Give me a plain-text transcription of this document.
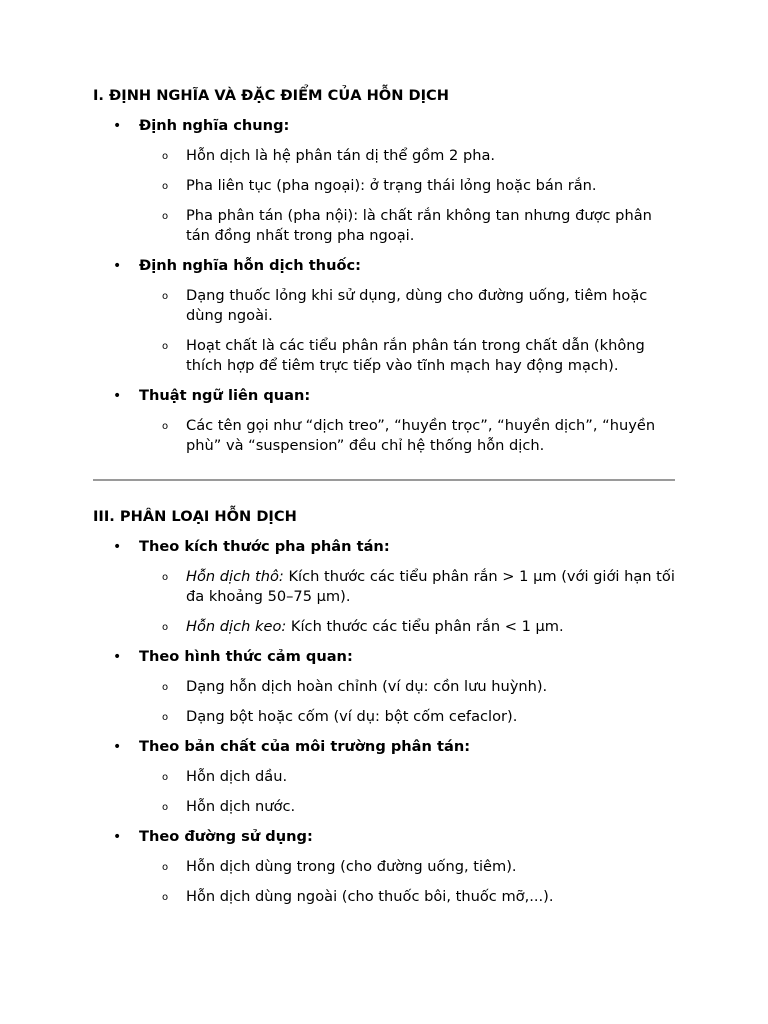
I. ĐỊNH NGHĨA VÀ ĐẶC ĐIỂM CỦA HỖN DỊCH
• Định nghĩa chung:
o Hỗn dịch là hệ phân tán dị thể gồm 2 pha.
o Pha liên tục (pha ngoại): ở trạng thái lỏng hoặc bán rắn.
o Pha phân tán (pha nội): là chất rắn không tan nhưng được phân tán đồng nhất trong pha ngoại.
• Định nghĩa hỗn dịch thuốc:
o Dạng thuốc lỏng khi sử dụng, dùng cho đường uống, tiêm hoặc dùng ngoài.
o Hoạt chất là các tiểu phân rắn phân tán trong chất dẫn (không thích hợp để tiêm trực tiếp vào tĩnh mạch hay động mạch).
• Thuật ngữ liên quan:
o Các tên gọi như “dịch treo”, “huyền trọc”, “huyền dịch”, “huyền phù” và “suspension” đều chỉ hệ thống hỗn dịch.
III. PHÂN LOẠI HỖN DỊCH
• Theo kích thước pha phân tán:
o Hỗn dịch thô: Kích thước các tiểu phân rắn > 1 µm (với giới hạn tối đa khoảng 50–75 µm).
o Hỗn dịch keo: Kích thước các tiểu phân rắn < 1 µm.
• Theo hình thức cảm quan:
o Dạng hỗn dịch hoàn chỉnh (ví dụ: cồn lưu huỳnh).
o Dạng bột hoặc cốm (ví dụ: bột cốm cefaclor).
• Theo bản chất của môi trường phân tán:
o Hỗn dịch dầu.
o Hỗn dịch nước.
• Theo đường sử dụng:
o Hỗn dịch dùng trong (cho đường uống, tiêm).
o Hỗn dịch dùng ngoài (cho thuốc bôi, thuốc mỡ,...).
